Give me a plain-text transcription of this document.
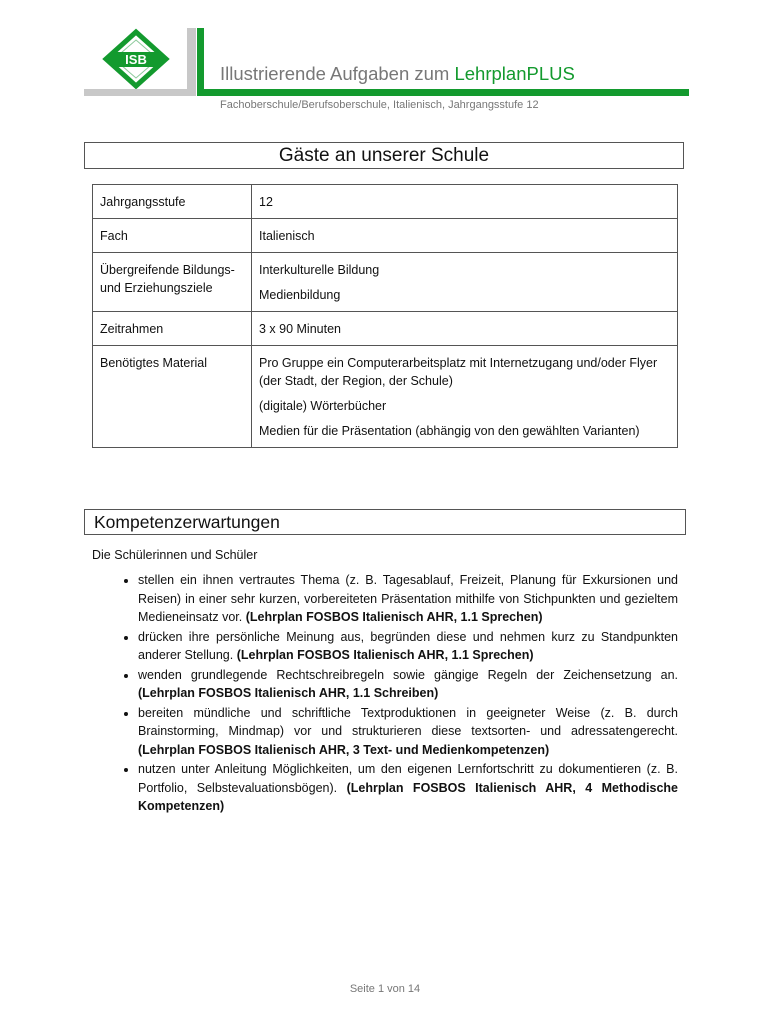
ISB
Illustrierende Aufgaben zum LehrplanPLUS
Fachoberschule/Berufsoberschule, Italienisch, Jahrgangsstufe 12
Gäste an unserer Schule
Jahrgangsstufe	12

Fach	Italienisch

Übergreifende Bildungs- und Erziehungsziele	Interkulturelle Bildung

Medienbildung

Zeitrahmen	3 x 90 Minuten

Benötigtes Material	Pro Gruppe ein Computerarbeitsplatz mit Internetzugang und/oder Flyer (der Stadt, der Region, der Schule)

(digitale) Wörterbücher

Medien für die Präsentation (abhängig von den gewählten Varianten)

Kompetenzerwartungen
Die Schülerinnen und Schüler
• stellen ein ihnen vertrautes Thema (z. B. Tagesablauf, Freizeit, Planung für Exkursionen und Reisen) in einer sehr kurzen, vorbereiteten Präsentation mithilfe von Stichpunkten und gezieltem Medieneinsatz vor. (Lehrplan FOSBOS Italienisch AHR, 1.1 Sprechen)
• drücken ihre persönliche Meinung aus, begründen diese und nehmen kurz zu Standpunkten anderer Stellung. (Lehrplan FOSBOS Italienisch AHR, 1.1 Sprechen)
• wenden grundlegende Rechtschreibregeln sowie gängige Regeln der Zeichensetzung an. (Lehrplan FOSBOS Italienisch AHR, 1.1 Schreiben)
• bereiten mündliche und schriftliche Textproduktionen in geeigneter Weise (z. B. durch Brainstorming, Mindmap) vor und strukturieren diese textsorten- und adressatengerecht. (Lehrplan FOSBOS Italienisch AHR, 3 Text- und Medienkompetenzen)
• nutzen unter Anleitung Möglichkeiten, um den eigenen Lernfortschritt zu dokumentieren (z. B. Portfolio, Selbstevaluationsbögen). (Lehrplan FOSBOS Italienisch AHR, 4 Methodische Kompetenzen)
Seite 1 von 14
